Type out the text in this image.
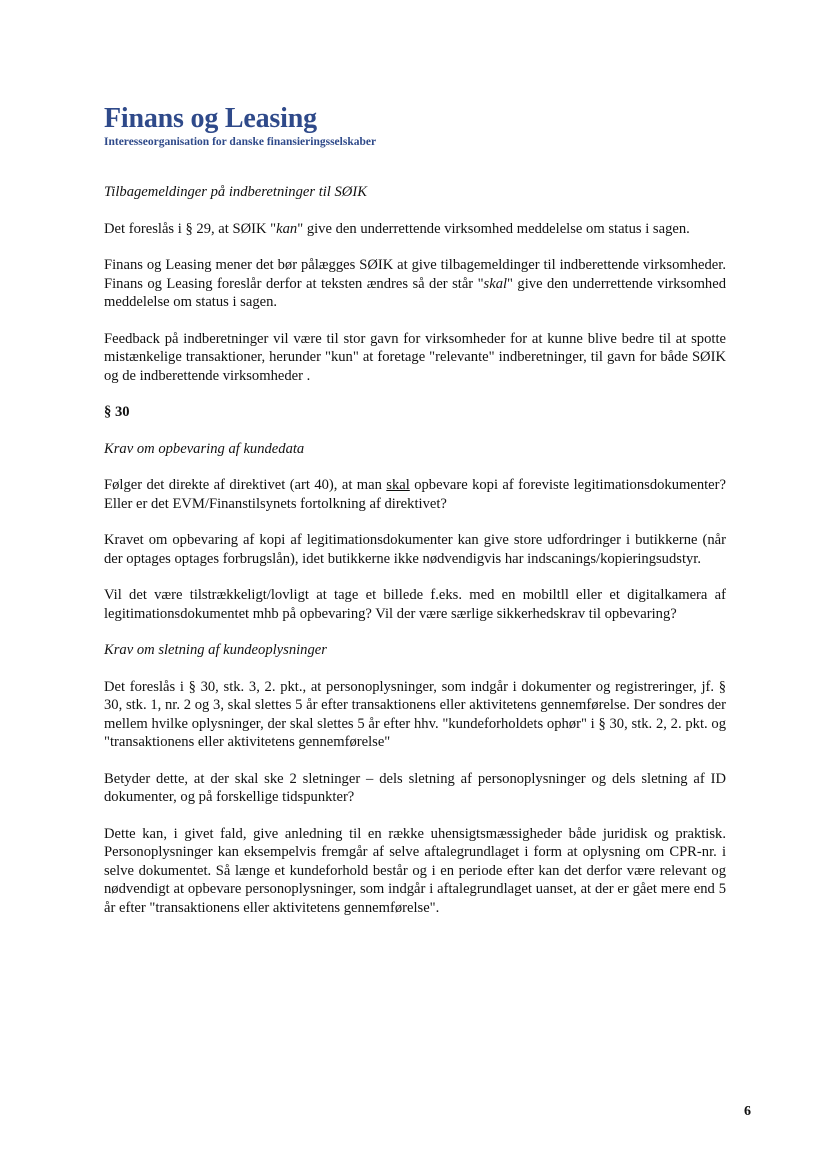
Finans og Leasing
Interesseorganisation for danske finansieringsselskaber

Tilbagemeldinger på indberetninger til SØIK

Det foreslås i § 29, at SØIK "kan" give den underrettende virksomhed meddelelse om status i sagen.

Finans og Leasing mener det bør pålægges SØIK at give tilbagemeldinger til indberettende virksomheder. Finans og Leasing foreslår derfor at teksten ændres så der står "skal" give den underrettende virksomhed meddelelse om status i sagen.

Feedback på indberetninger vil være til stor gavn for virksomheder for at kunne blive bedre til at spotte mistænkelige transaktioner, herunder "kun" at foretage "relevante" indberetninger, til gavn for både SØIK og de indberettende virksomheder .

§ 30

Krav om opbevaring af kundedata

Følger det direkte af direktivet (art 40), at man skal opbevare kopi af foreviste legitimationsdokumenter? Eller er det EVM/Finanstilsynets fortolkning af direktivet?

Kravet om opbevaring af kopi af legitimationsdokumenter kan give store udfordringer i butikkerne (når der optages optages forbrugslån), idet butikkerne ikke nødvendigvis har indscanings/kopieringsudstyr.

Vil det være tilstrækkeligt/lovligt at tage et billede f.eks. med en mobiltll eller et digitalkamera af legitimationsdokumentet mhb på opbevaring? Vil der være særlige sikkerhedskrav til opbevaring?

Krav om sletning af kundeoplysninger

Det foreslås i § 30, stk. 3, 2. pkt., at personoplysninger, som indgår i dokumenter og registreringer, jf. § 30, stk. 1, nr. 2 og 3, skal slettes 5 år efter transaktionens eller aktivitetens gennemførelse. Der sondres der mellem hvilke oplysninger, der skal slettes 5 år efter hhv. "kundeforholdets ophør" i § 30, stk. 2, 2. pkt. og "transaktionens eller aktivitetens gennemførelse"

Betyder dette, at der skal ske 2 sletninger – dels sletning af personoplysninger og dels sletning af ID dokumenter, og på forskellige tidspunkter?

Dette kan, i givet fald, give anledning til en række uhensigtsmæssigheder både juridisk og praktisk. Personoplysninger kan eksempelvis fremgår af selve aftalegrundlaget i form at oplysning om CPR-nr. i selve dokumentet. Så længe et kundeforhold består og i en periode efter kan det derfor være relevant og nødvendigt at opbevare personoplysninger, som indgår i aftalegrundlaget uanset, at der er gået mere end 5 år efter "transaktionens eller aktivitetens gennemførelse".

6
